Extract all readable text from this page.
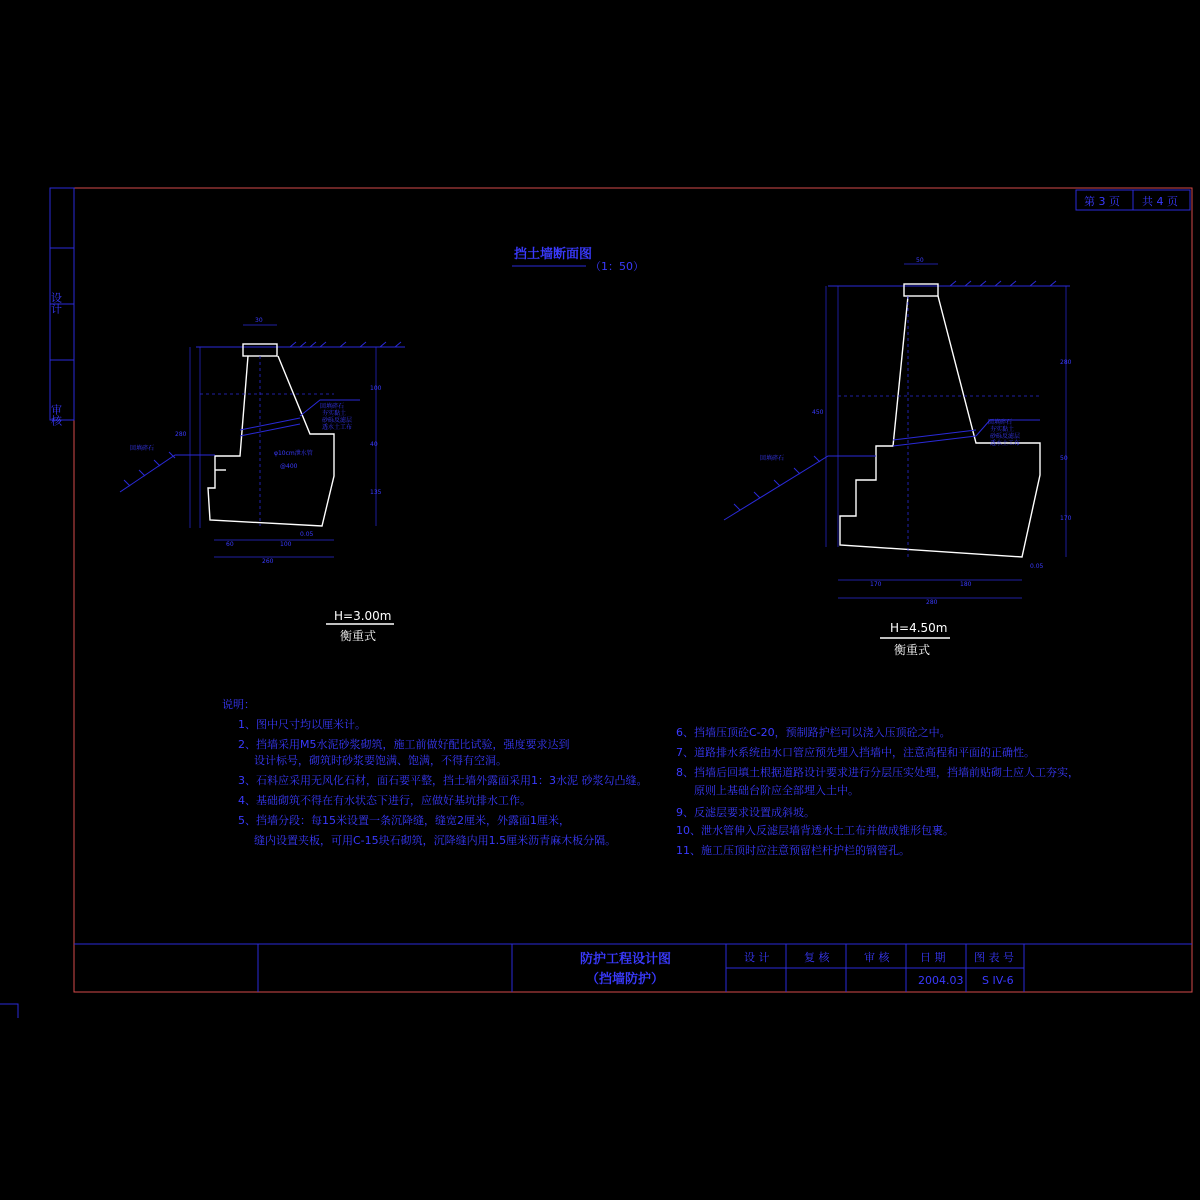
设计
审核
第 3 页 共 4 页
挡土墙断面图
（1：50）
回填碎石
夯实黏土
砂砾反滤层
透水土工布
φ10cm泄水管
@400
回填碎石
30
100
40
135
280
60	100
260
0.05
H=3.00m
衡重式
回填碎石
夯实黏土
砂砾反滤层
透水土工布
回填碎石
50
280
50
170
450
170	180
280
0.05
H=4.50m
衡重式
说明：
1、图中尺寸均以厘米计。
2、挡墙采用M5水泥砂浆砌筑，施工前做好配比试验，强度要求达到
设计标号，砌筑时砂浆要饱满、饱满，不得有空洞。
3、石料应采用无风化石材，面石要平整，挡土墙外露面采用1：3水泥 砂浆勾凸缝。
4、基础砌筑不得在有水状态下进行，应做好基坑排水工作。
5、挡墙分段：每15米设置一条沉降缝，缝宽2厘米，外露面1厘米，
缝内设置夹板，可用C-15块石砌筑，沉降缝内用1.5厘米沥青麻木板分隔。
6、挡墙压顶砼C-20，预制路护栏可以浇入压顶砼之中。
7、道路排水系统由水口管应预先埋入挡墙中，注意高程和平面的正确性。
8、挡墙后回填土根据道路设计要求进行分层压实处理，挡墙前贴砌土应人工夯实，
原则上基础台阶应全部埋入土中。
9、反滤层要求设置成斜坡。
10、泄水管伸入反滤层墙背透水土工布并做成锥形包裹。
11、施工压顶时应注意预留栏杆护栏的钢管孔。
防护工程设计图
（挡墙防护）
设 计	复 核	审 核	日 期	图 表 号
2004.03 S IV-6
